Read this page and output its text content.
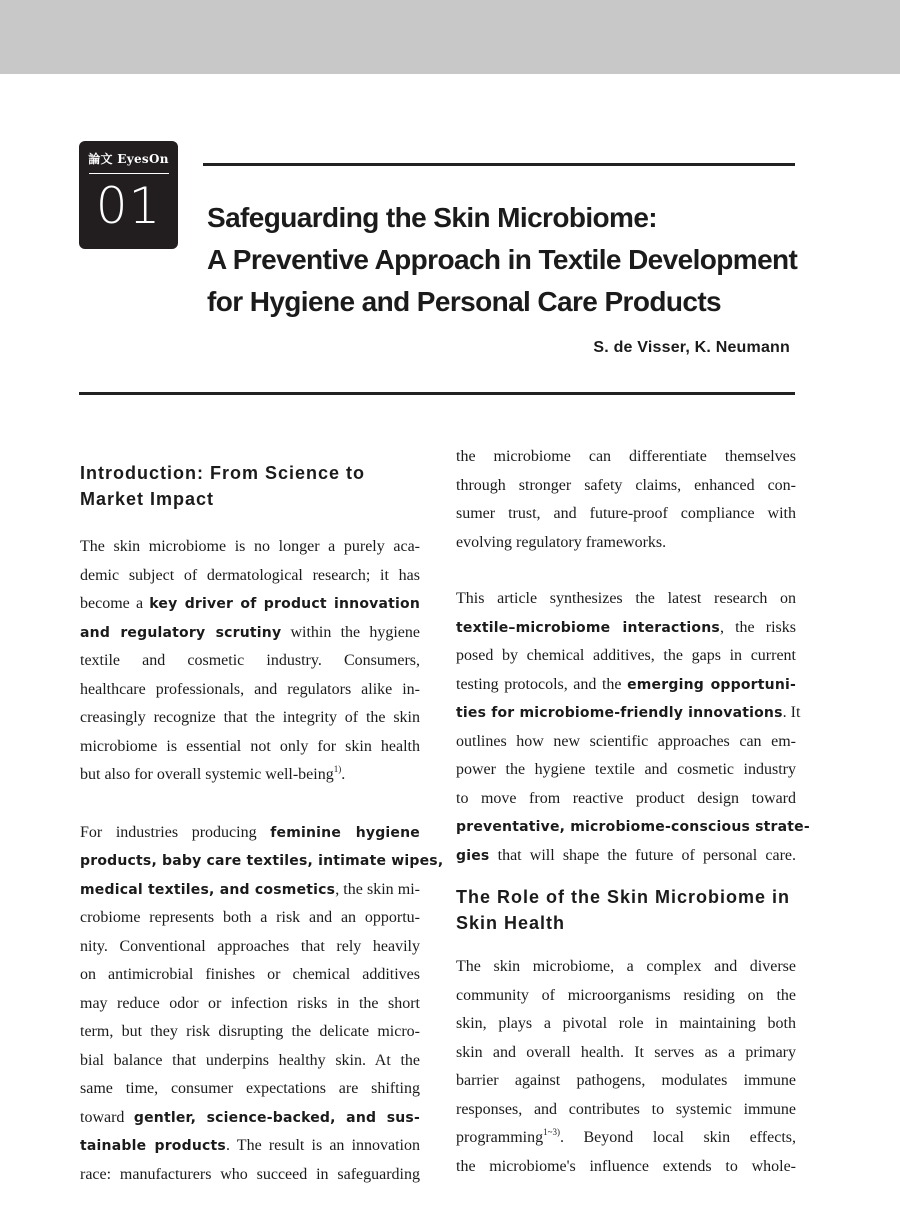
論文 EyesOn
01	Safeguarding the Skin Microbiome:
A Preventive Approach in Textile Development
for Hygiene and Personal Care Products
S. de Visser, K. Neumann
Introduction: From Science to
Market Impact
The skin microbiome is no longer a purely aca-
demic subject of dermatological research; it has
become a key driver of product innovation
and regulatory scrutiny within the hygiene
textile and cosmetic industry. Consumers,
healthcare professionals, and regulators alike in-
creasingly recognize that the integrity of the skin
microbiome is essential not only for skin health
but also for overall systemic well-being$^{1)}$.
For industries producing feminine hygiene
products, baby care textiles, intimate wipes,
medical textiles, and cosmetics, the skin mi-
crobiome represents both a risk and an opportu-
nity. Conventional approaches that rely heavily
on antimicrobial finishes or chemical additives
may reduce odor or infection risks in the short
term, but they risk disrupting the delicate micro-
bial balance that underpins healthy skin. At the
same time, consumer expectations are shifting
toward gentler, science-backed, and sus-
tainable products. The result is an innovation
race: manufacturers who succeed in safeguarding
the microbiome can differentiate themselves
through stronger safety claims, enhanced con-
sumer trust, and future-proof compliance with
evolving regulatory frameworks.
This article synthesizes the latest research on
textile–microbiome interactions, the risks
posed by chemical additives, the gaps in current
testing protocols, and the emerging opportuni-
ties for microbiome-friendly innovations. It
outlines how new scientific approaches can em-
power the hygiene textile and cosmetic industry
to move from reactive product design toward
preventative, microbiome-conscious strate-
gies that will shape the future of personal care.
The Role of the Skin Microbiome in
Skin Health
The skin microbiome, a complex and diverse
community of microorganisms residing on the
skin, plays a pivotal role in maintaining both
skin and overall health. It serves as a primary
barrier against pathogens, modulates immune
responses, and contributes to systemic immune
programming$^{1\sim 3)}$. Beyond local skin effects,
the microbiome's influence extends to whole-
